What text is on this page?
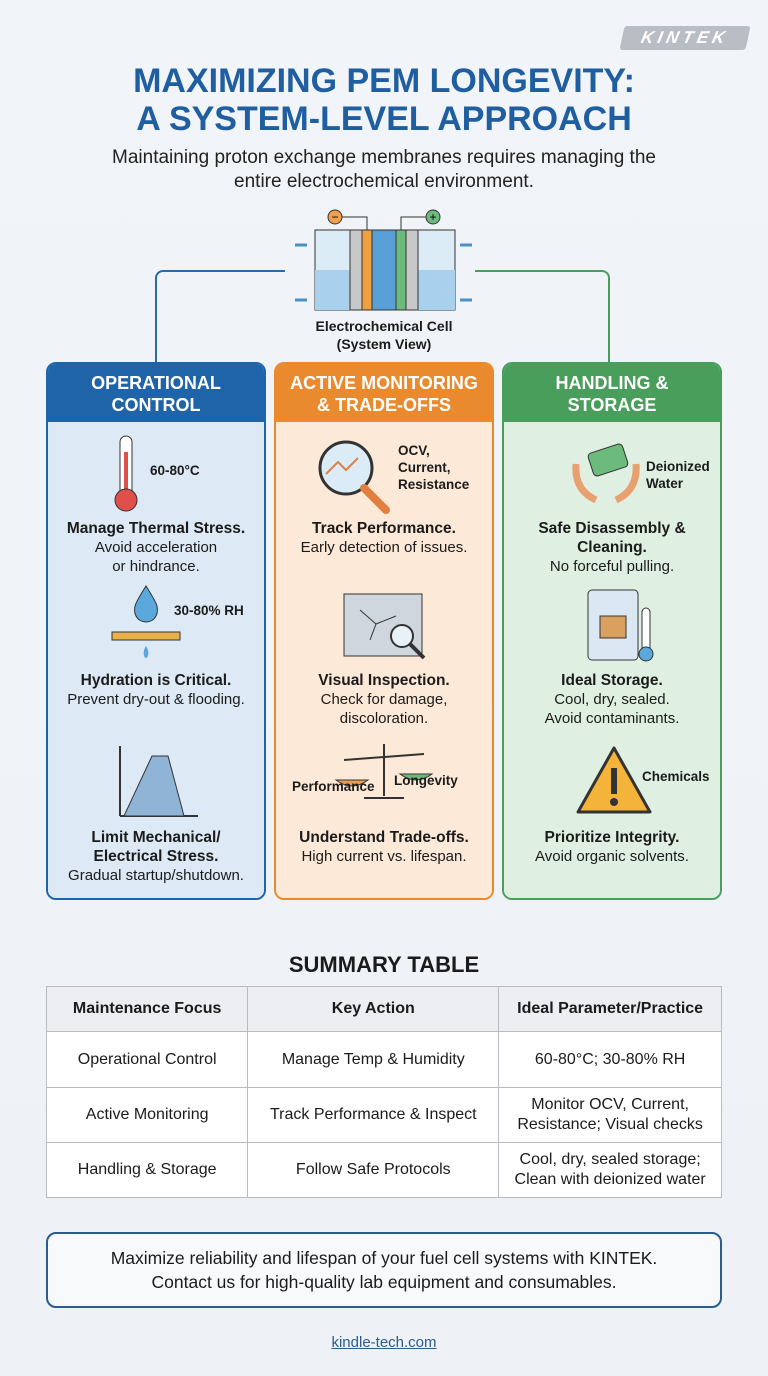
KINTEK
MAXIMIZING PEM LONGEVITY:
A SYSTEM-LEVEL APPROACH
Maintaining proton exchange membranes requires managing the entire electrochemical environment.
−	+
Electrochemical Cell
(System View)
OPERATIONAL
CONTROL
60-80°C
Manage Thermal Stress.
Avoid acceleration
or hindrance.
30-80% RH
Hydration is Critical.
Prevent dry-out & flooding.
Limit Mechanical/
Electrical Stress.
Gradual startup/shutdown.
ACTIVE MONITORING
& TRADE-OFFS
OCV,
Current,
Resistance
Track Performance.
Early detection of issues.
Visual Inspection.
Check for damage,
discoloration.
Performance Longevity
Understand Trade-offs.
High current vs. lifespan.
HANDLING &
STORAGE
Deionized
Water
Safe Disassembly &
Cleaning.
No forceful pulling.
Ideal Storage.
Cool, dry, sealed.
Avoid contaminants.
Chemicals
Prioritize Integrity.
Avoid organic solvents.
SUMMARY TABLE
Maintenance Focus	Key Action	Ideal Parameter/Practice
Operational Control	Manage Temp & Humidity	60-80°C; 30-80% RH
Active Monitoring	Track Performance & Inspect	Monitor OCV, Current,
Resistance; Visual checks
Handling & Storage	Follow Safe Protocols	Cool, dry, sealed storage;
Clean with deionized water
Maximize reliability and lifespan of your fuel cell systems with KINTEK.
Contact us for high-quality lab equipment and consumables.
kindle-tech.com
